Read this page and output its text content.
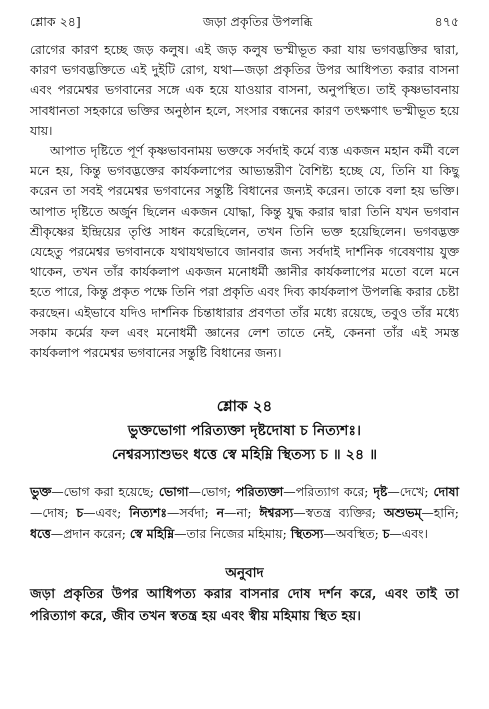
শ্লোক ২৪]	জড়া প্রকৃতির উপলব্ধি	৪৭৫

রোগের কারণ হচ্ছে জড় কলুষ। এই জড় কলুষ ভস্মীভূত করা যায় ভগবদ্ভক্তির দ্বারা, কারণ ভগবদ্ভক্তিতে এই দুইটি রোগ, যথা—জড়া প্রকৃতির উপর আধিপত্য করার বাসনা এবং পরমেশ্বর ভগবানের সঙ্গে এক হয়ে যাওয়ার বাসনা, অনুপস্থিত। তাই কৃষ্ণভাবনায় সাবধানতা সহকারে ভক্তির অনুষ্ঠান হলে, সংসার বন্ধনের কারণ তৎক্ষণাৎ ভস্মীভূত হয়ে যায়।

আপাত দৃষ্টিতে পূর্ণ কৃষ্ণভাবনাময় ভক্তকে সর্বদাই কর্মে ব্যস্ত একজন মহান কর্মী বলে মনে হয়, কিন্তু ভগবদ্ভক্তের কার্যকলাপের আভ্যন্তরীণ বৈশিষ্ট্য হচ্ছে যে, তিনি যা কিছু করেন তা সবই পরমেশ্বর ভগবানের সন্তুষ্টি বিধানের জন্যই করেন। তাকে বলা হয় ভক্তি। আপাত দৃষ্টিতে অর্জুন ছিলেন একজন যোদ্ধা, কিন্তু যুদ্ধ করার দ্বারা তিনি যখন ভগবান শ্রীকৃষ্ণের ইন্দ্রিয়ের তৃপ্তি সাধন করেছিলেন, তখন তিনি ভক্ত হয়েছিলেন। ভগবদ্ভক্ত যেহেতু পরমেশ্বর ভগবানকে যথাযথভাবে জানবার জন্য সর্বদাই দার্শনিক গবেষণায় যুক্ত থাকেন, তখন তাঁর কার্যকলাপ একজন মনোধর্মী জ্ঞানীর কার্যকলাপের মতো বলে মনে হতে পারে, কিন্তু প্রকৃত পক্ষে তিনি পরা প্রকৃতি এবং দিব্য কার্যকলাপ উপলব্ধি করার চেষ্টা করছেন। এইভাবে যদিও দার্শনিক চিন্তাধারার প্রবণতা তাঁর মধ্যে রয়েছে, তবুও তাঁর মধ্যে সকাম কর্মের ফল এবং মনোধর্মী জ্ঞানের লেশ তাতে নেই, কেননা তাঁর এই সমস্ত কার্যকলাপ পরমেশ্বর ভগবানের সন্তুষ্টি বিধানের জন্য।

শ্লোক ২৪
ভুক্তভোগা পরিত্যক্তা দৃষ্টদোষা চ নিত্যশঃ।
নেশ্বরস্যাশুভং ধত্তে স্বে মহিম্নি স্থিতস্য চ ॥ ২৪ ॥
ভুক্ত—ভোগ করা হয়েছে; ভোগা—ভোগ; পরিত্যক্তা—পরিত্যাগ করে; দৃষ্ট—দেখে; দোষা—দোষ; চ—এবং; নিত্যশঃ—সর্বদা; ন—না; ঈশ্বরস্য—স্বতন্ত্র ব্যক্তির; অশুভম্—হানি; ধত্তে—প্রদান করেন; স্বে মহিম্নি—তার নিজের মহিমায়; স্থিতস্য—অবস্থিত; চ—এবং।
অনুবাদ

জড়া প্রকৃতির উপর আধিপত্য করার বাসনার দোষ দর্শন করে, এবং তাই তা পরিত্যাগ করে, জীব তখন স্বতন্ত্র হয় এবং স্বীয় মহিমায় স্থিত হয়।
